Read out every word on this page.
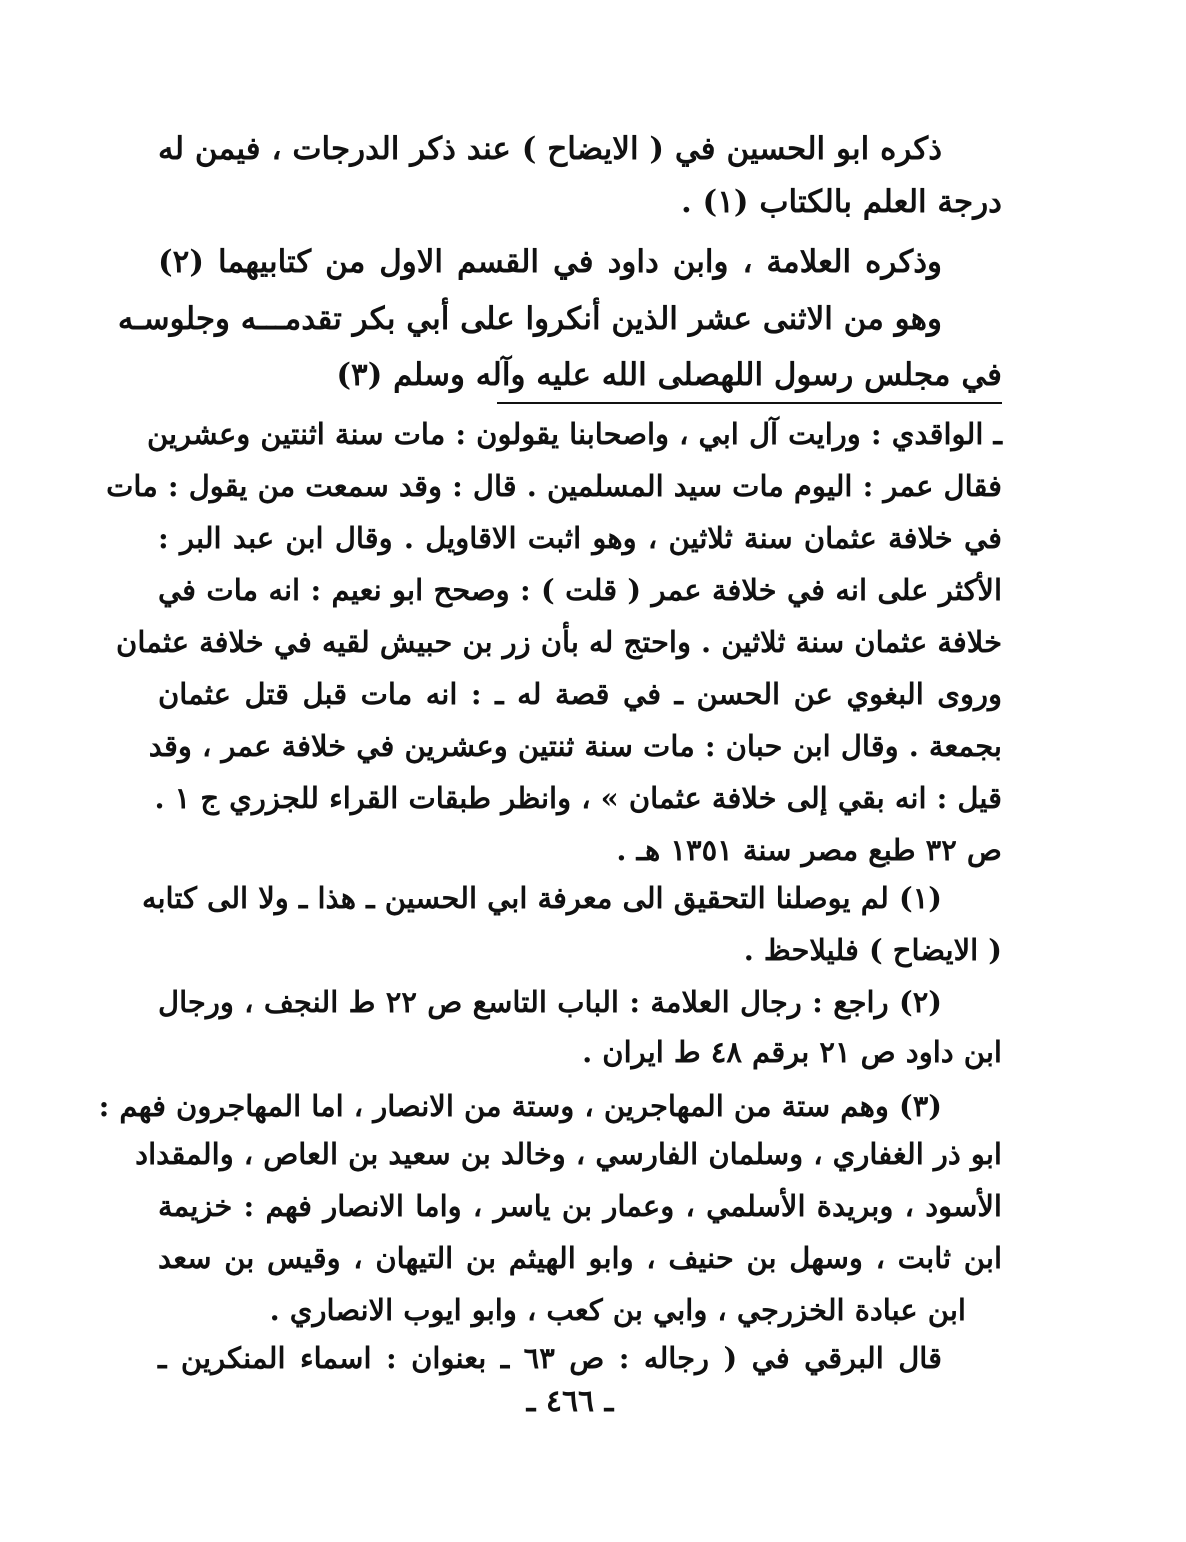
ذكره ابو الحسين في ( الايضاح ) عند ذكر الدرجات ، فيمن له
درجة العلم بالكتاب (١) .
وذكره العلامة ، وابن داود في القسم الاول من كتابيهما (٢)
وهو من الاثنى عشر الذين أنكروا على أبي بكر تقدمـــه وجلوسـه
في مجلس رسول اللهصلى الله عليه وآله وسلم (٣)
ـ الواقدي : ورايت آل ابي ، واصحابنا يقولون : مات سنة اثنتين وعشرين
فقال عمر : اليوم مات سيد المسلمين . قال : وقد سمعت من يقول : مات
في خلافة عثمان سنة ثلاثين ، وهو اثبت الاقاويل . وقال ابن عبد البر :
الأكثر على انه في خلافة عمر ( قلت ) : وصحح ابو نعيم : انه مات في
خلافة عثمان سنة ثلاثين . واحتج له بأن زر بن حبيش لقيه في خلافة عثمان
وروى البغوي عن الحسن ـ في قصة له ـ : انه مات قبل قتل عثمان
بجمعة . وقال ابن حبان : مات سنة ثنتين وعشرين في خلافة عمر ، وقد
قيل : انه بقي إلى خلافة عثمان » ، وانظر طبقات القراء للجزري ج ١ .
ص ٣٢ طبع مصر سنة ١٣٥١ هـ .
(١) لم يوصلنا التحقيق الى معرفة ابي الحسين ـ هذا ـ ولا الى كتابه
( الايضاح ) فليلاحظ .
(٢) راجع : رجال العلامة : الباب التاسع ص ٢٢ ط النجف ، ورجال
ابن داود ص ٢١ برقم ٤٨ ط ايران .
(٣) وهم ستة من المهاجرين ، وستة من الانصار ، اما المهاجرون فهم :
ابو ذر الغفاري ، وسلمان الفارسي ، وخالد بن سعيد بن العاص ، والمقداد
الأسود ، وبريدة الأسلمي ، وعمار بن ياسر ، واما الانصار فهم : خزيمة
ابن ثابت ، وسهل بن حنيف ، وابو الهيثم بن التيهان ، وقيس بن سعد
ابن عبادة الخزرجي ، وابي بن كعب ، وابو ايوب الانصاري .
قال البرقي في ( رجاله : ص ٦٣ ـ بعنوان : اسماء المنكرين ـ
ـ ٤٦٦ ـ
